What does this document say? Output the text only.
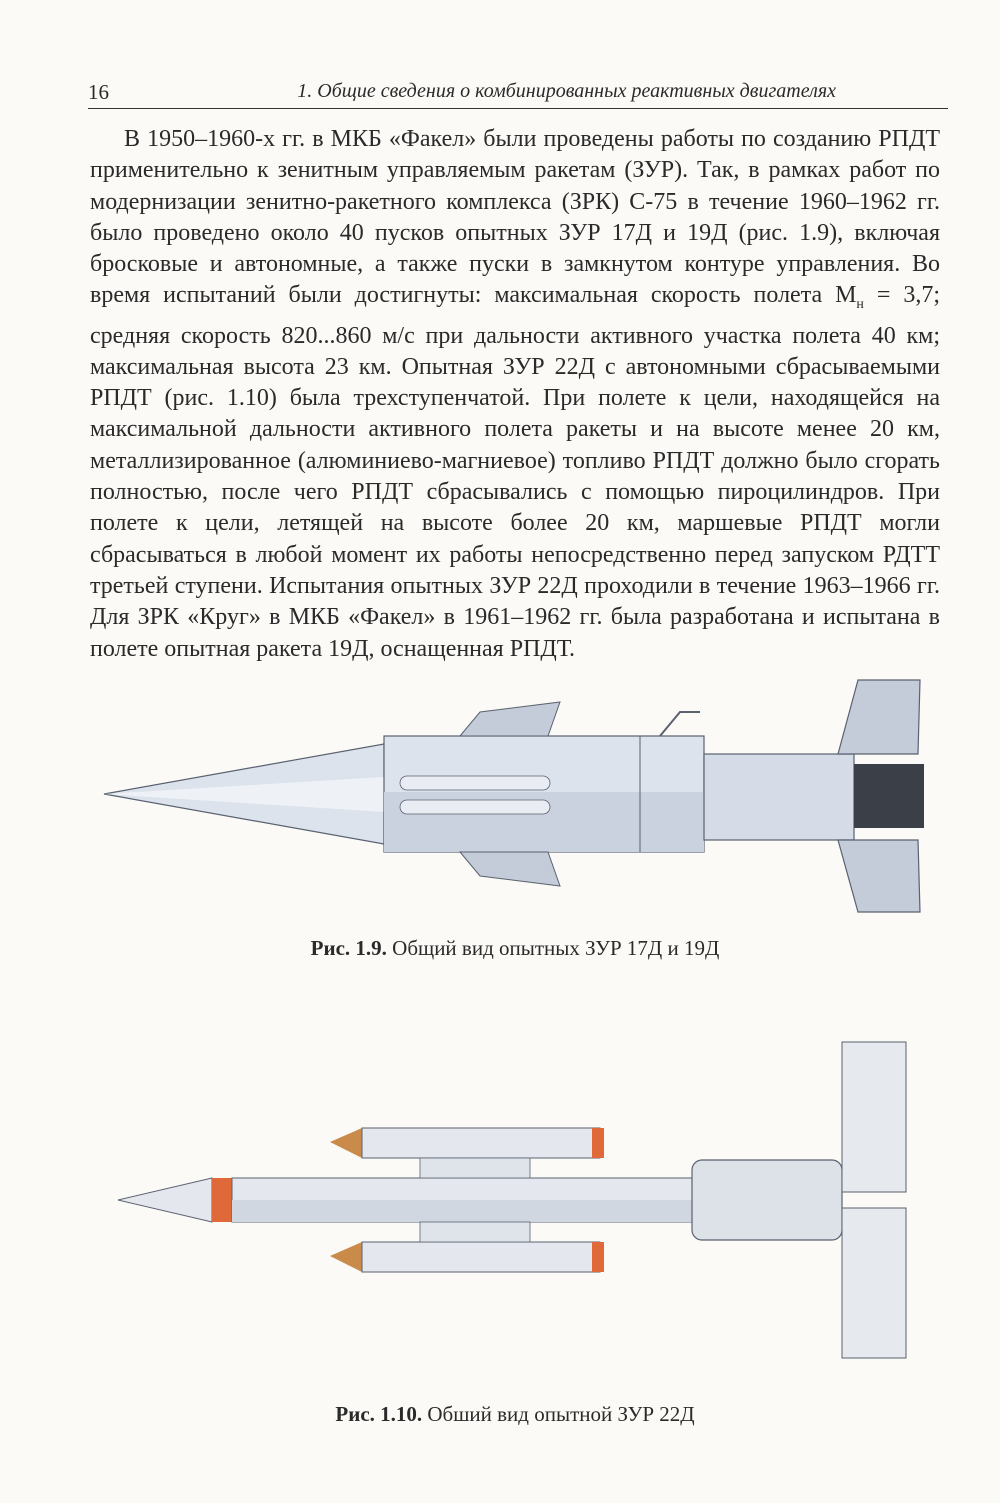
16	1. Общие сведения о комбинированных реактивных двигателях

В 1950–1960-х гг. в МКБ «Факел» были проведены работы по созданию РПДТ применительно к зенитным управляемым ракетам (ЗУР). Так, в рамках работ по модернизации зенитно-ракетного комплекса (ЗРК) С-75 в течение 1960–1962 гг. было проведено около 40 пусков опытных ЗУР 17Д и 19Д (рис. 1.9), включая бросковые и автономные, а также пуски в замкнутом контуре управления. Во время испытаний были достигнуты: максимальная скорость полета $М_н = 3,7$; средняя скорость 820...860 м/с при дальности активного участка полета 40 км; максимальная высота 23 км. Опытная ЗУР 22Д с автономными сбрасываемыми РПДТ (рис. 1.10) была трехступенчатой. При полете к цели, находящейся на максимальной дальности активного полета ракеты и на высоте менее 20 км, металлизированное (алюминиево-магниевое) топливо РПДТ должно было сгорать полностью, после чего РПДТ сбрасывались с помощью пироцилиндров. При полете к цели, летящей на высоте более 20 км, маршевые РПДТ могли сбрасываться в любой момент их работы непосредственно перед запуском РДТТ третьей ступени. Испытания опытных ЗУР 22Д проходили в течение 1963–1966 гг. Для ЗРК «Круг» в МКБ «Факел» в 1961–1962 гг. была разработана и испытана в полете опытная ракета 19Д, оснащенная РПДТ.

Рис. 1.9. Общий вид опытных ЗУР 17Д и 19Д
Рис. 1.10. Обший вид опытной ЗУР 22Д
